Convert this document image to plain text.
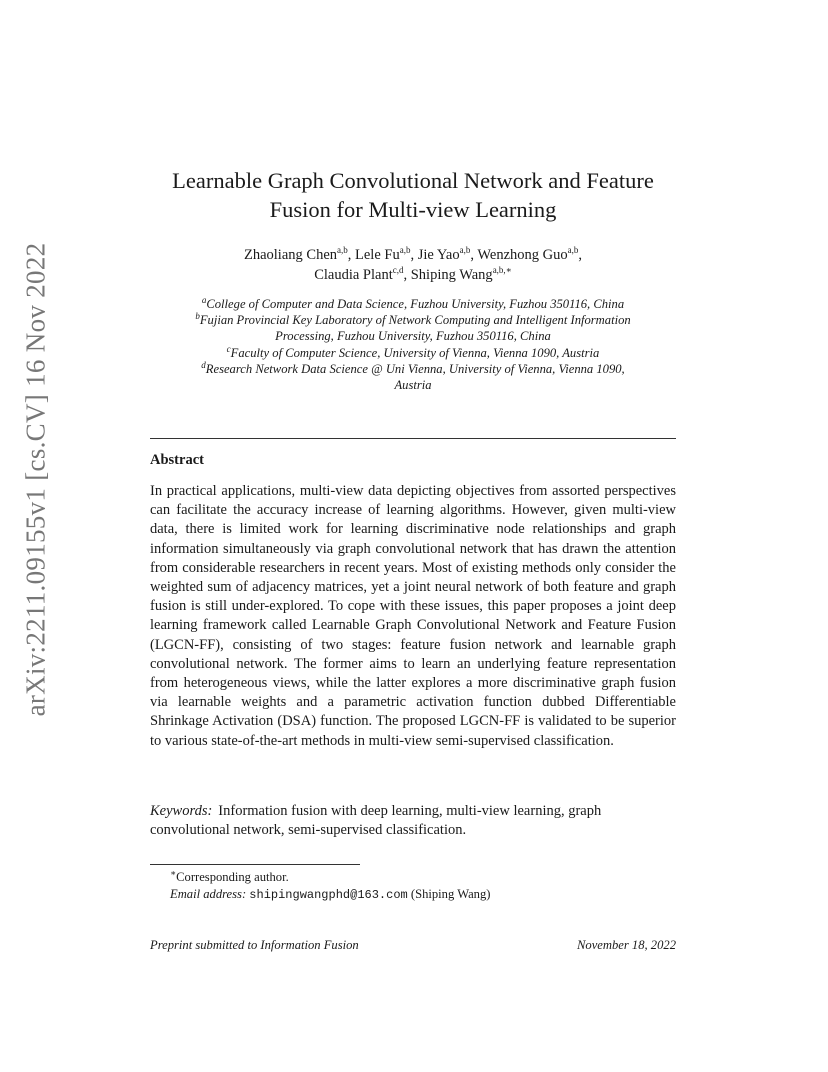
arXiv:2211.09155v1 [cs.CV] 16 Nov 2022
Learnable Graph Convolutional Network and Feature
Fusion for Multi-view Learning
Zhaoliang Chen$^{a,b}$, Lele Fu$^{a,b}$, Jie Yao$^{a,b}$, Wenzhong Guo$^{a,b}$,
Claudia Plant$^{c,d}$, Shiping Wang$^{a,b,∗}$
$^a$College of Computer and Data Science, Fuzhou University, Fuzhou 350116, China
$^b$Fujian Provincial Key Laboratory of Network Computing and Intelligent Information
Processing, Fuzhou University, Fuzhou 350116, China
$^c$Faculty of Computer Science, University of Vienna, Vienna 1090, Austria
$^d$Research Network Data Science @ Uni Vienna, University of Vienna, Vienna 1090,
Austria
Abstract
In practical applications, multi-view data depicting objectives from assorted perspectives can facilitate the accuracy increase of learning algorithms. However, given multi-view data, there is limited work for learning discriminative node relationships and graph information simultaneously via graph convolutional network that has drawn the attention from considerable researchers in recent years. Most of existing methods only consider the weighted sum of adjacency matrices, yet a joint neural network of both feature and graph fusion is still under-explored. To cope with these issues, this paper proposes a joint deep learning framework called Learnable Graph Convolutional Network and Feature Fusion (LGCN-FF), consisting of two stages: feature fusion network and learnable graph convolutional network. The former aims to learn an underlying feature representation from heterogeneous views, while the latter explores a more discriminative graph fusion via learnable weights and a parametric activation function dubbed Differentiable Shrinkage Activation (DSA) function. The proposed LGCN-FF is validated to be superior to various state-of-the-art methods in multi-view semi-supervised classification.
Keywords: Information fusion with deep learning, multi-view learning, graph convolutional network, semi-supervised classification.
∗Corresponding author.
Email address: shipingwangphd@163.com (Shiping Wang)
Preprint submitted to Information Fusion	November 18, 2022
